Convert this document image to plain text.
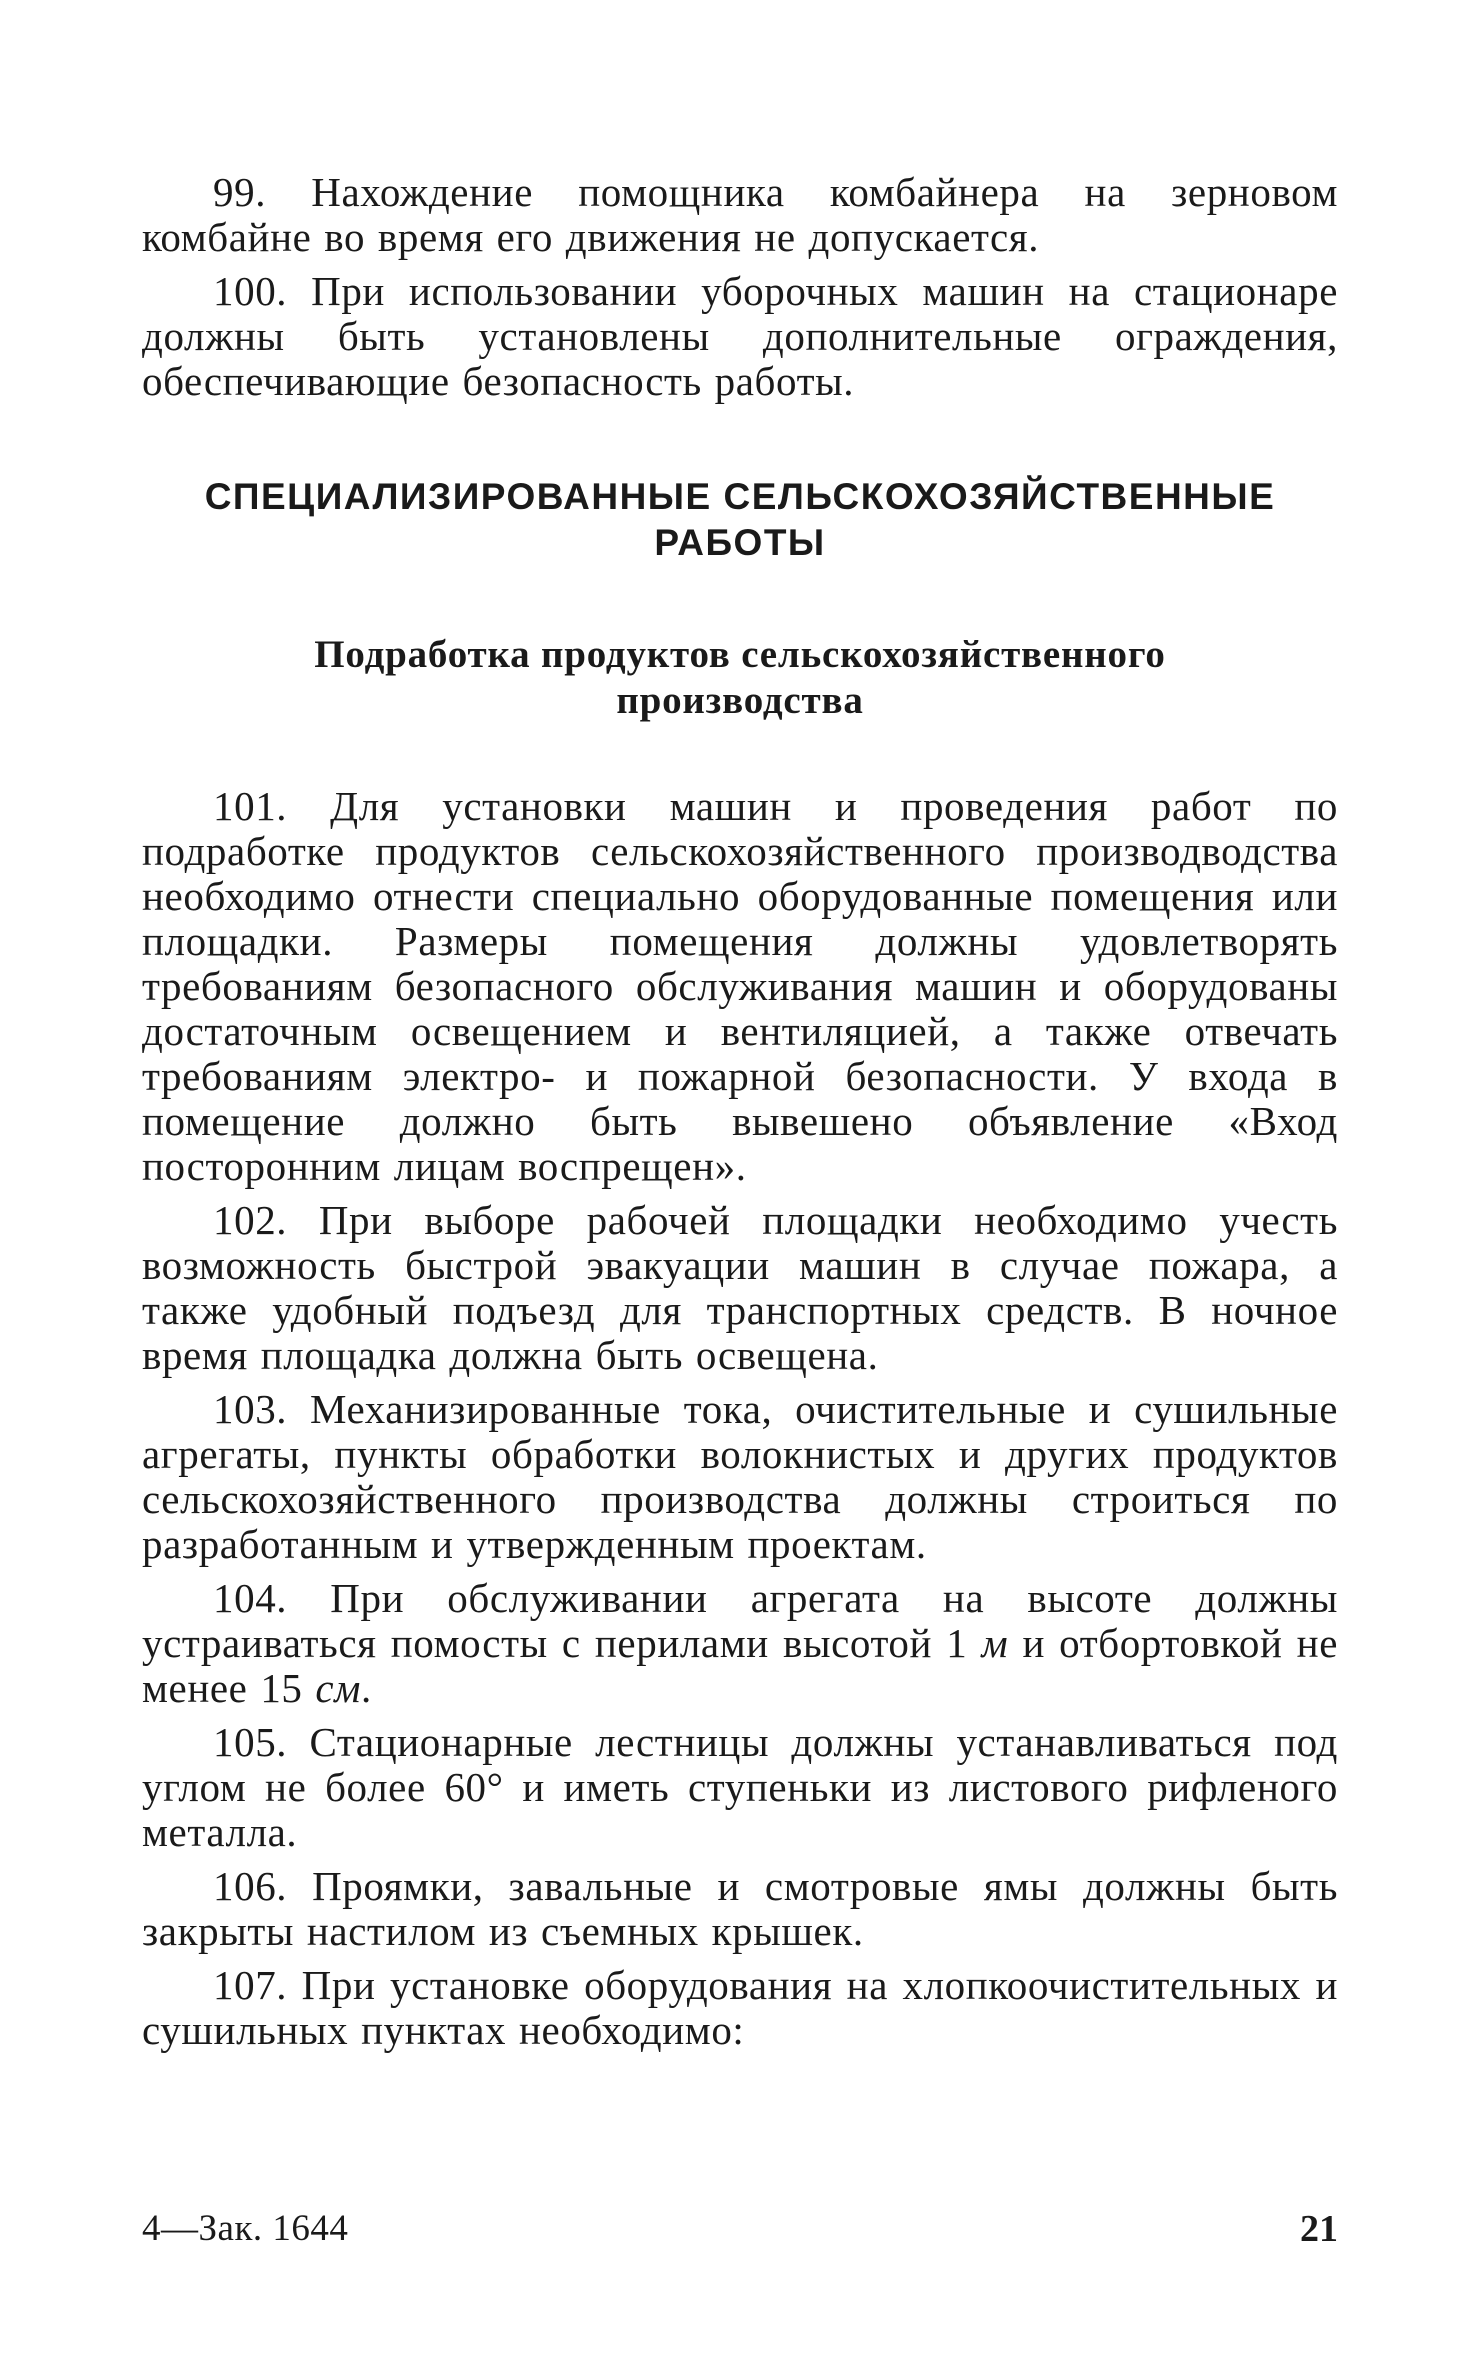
99. Нахождение помощника комбайнера на зерновом комбайне во время его движения не допускается.

100. При использовании уборочных машин на стационаре должны быть установлены дополнительные ограждения, обеспечивающие безопасность работы.

СПЕЦИАЛИЗИРОВАННЫЕ СЕЛЬСКОХОЗЯЙСТВЕННЫЕ
РАБОТЫ
Подработка продуктов сельскохозяйственного
производства

101. Для установки машин и проведения работ по подработке продуктов сельскохозяйственного производводства необходимо отнести специально оборудованные помещения или площадки. Размеры помещения должны удовлетворять требованиям безопасного обслуживания машин и оборудованы достаточным освещением и вентиляцией, а также отвечать требованиям электро- и пожарной безопасности. У входа в помещение должно быть вывешено объявление «Вход посторонним лицам воспрещен».

102. При выборе рабочей площадки необходимо учесть возможность быстрой эвакуации машин в случае пожара, а также удобный подъезд для транспортных средств. В ночное время площадка должна быть освещена.

103. Механизированные тока, очистительные и сушильные агрегаты, пункты обработки волокнистых и других продуктов сельскохозяйственного производства должны строиться по разработанным и утвержденным проектам.

104. При обслуживании агрегата на высоте должны устраиваться помосты с перилами высотой 1 м и отбортовкой не менее 15 см.

105. Стационарные лестницы должны устанавливаться под углом не более 60° и иметь ступеньки из листового рифленого металла.

106. Проямки, завальные и смотровые ямы должны быть закрыты настилом из съемных крышек.

107. При установке оборудования на хлопкоочистительных и сушильных пунктах необходимо:

4—Зак. 1644	21
